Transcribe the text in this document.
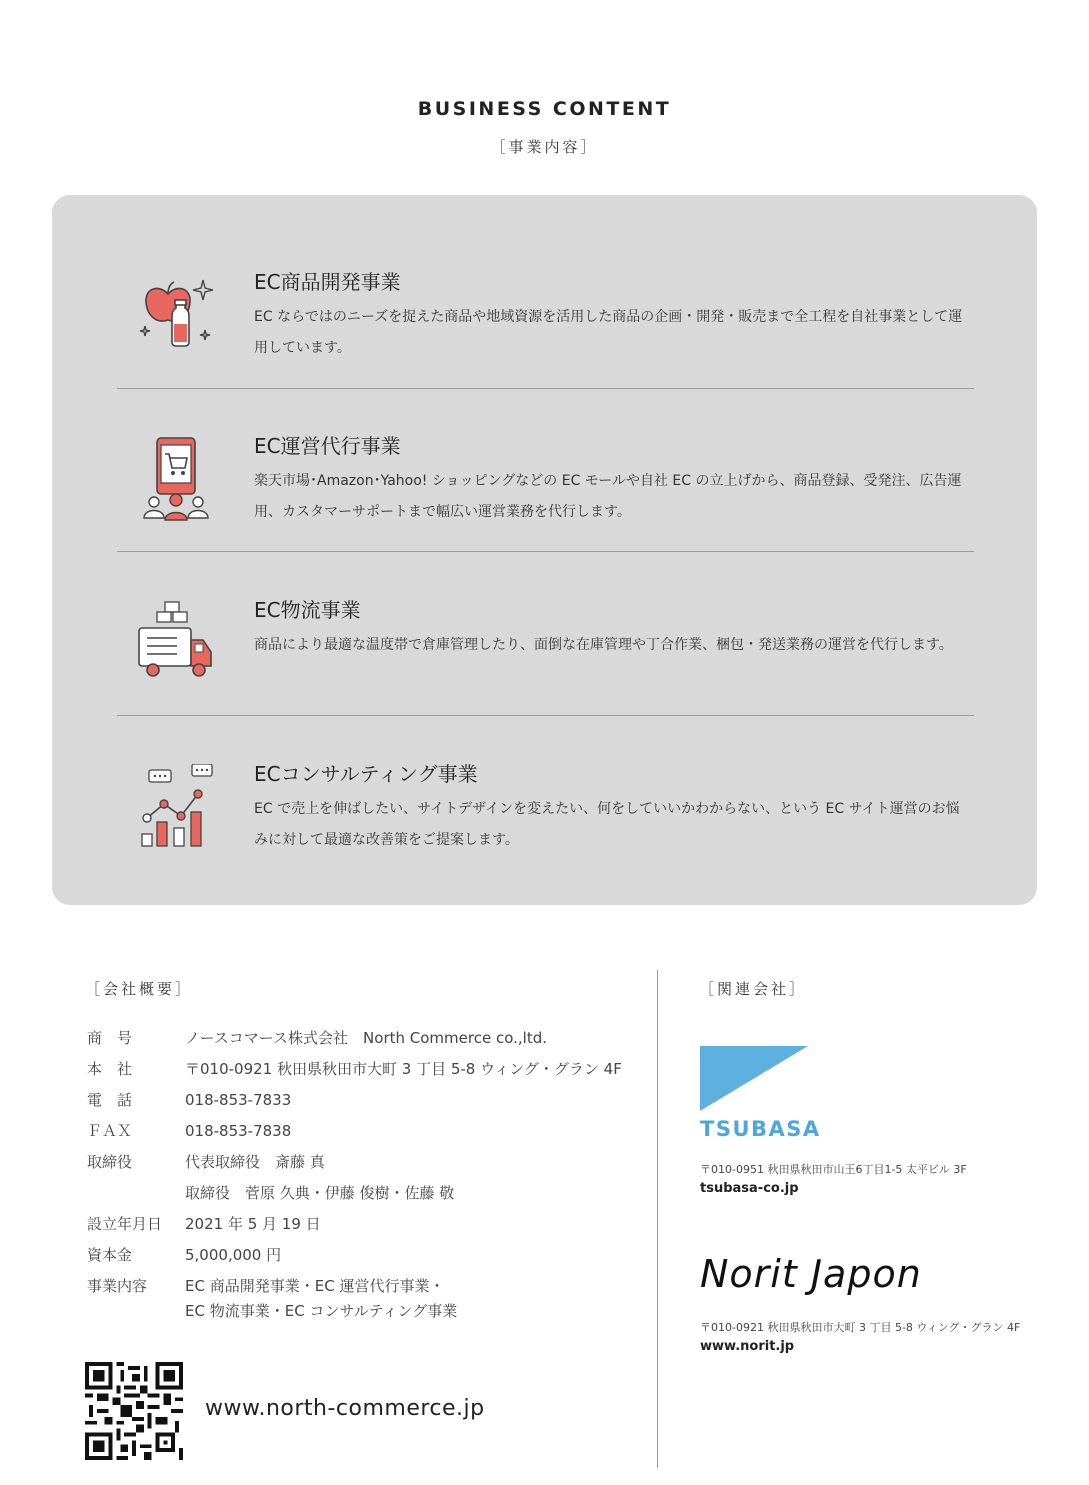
BUSINESS CONTENT
［事業内容］
EC商品開発事業
EC ならではのニーズを捉えた商品や地域資源を活用した商品の企画・開発・販売まで全工程を自社事業として運用しています。
EC運営代行事業
楽天市場･Amazon･Yahoo! ショッピングなどの EC モールや自社 EC の立上げから、商品登録、受発注、広告運用、カスタマーサポートまで幅広い運営業務を代行します。
EC物流事業
商品により最適な温度帯で倉庫管理したり、面倒な在庫管理や丁合作業、梱包・発送業務の運営を代行します。
ECコンサルティング事業
EC で売上を伸ばしたい、サイトデザインを変えたい、何をしていいかわからない、という EC サイト運営のお悩みに対して最適な改善策をご提案します。
［会社概要］
商　号	ノースコマース株式会社　North Commerce co.,ltd.
本　社	〒010-0921 秋田県秋田市大町 3 丁目 5-8 ウィング・グラン 4F
電　話	018-853-7833
ＦＡＸ	018-853-7838
取締役	代表取締役　斎藤 真
取締役　菅原 久典・伊藤 俊樹・佐藤 敬
設立年月日 2021 年 5 月 19 日
資本金	5,000,000 円
事業内容	EC 商品開発事業・EC 運営代行事業・
EC 物流事業・EC コンサルティング事業
www.north-commerce.jp
［関連会社］
TSUBASA
〒010-0951 秋田県秋田市山王6丁目1-5 太平ビル 3F
tsubasa-co.jp
Norit Japon
〒010-0921 秋田県秋田市大町 3 丁目 5-8 ウィング・グラン 4F
www.norit.jp
